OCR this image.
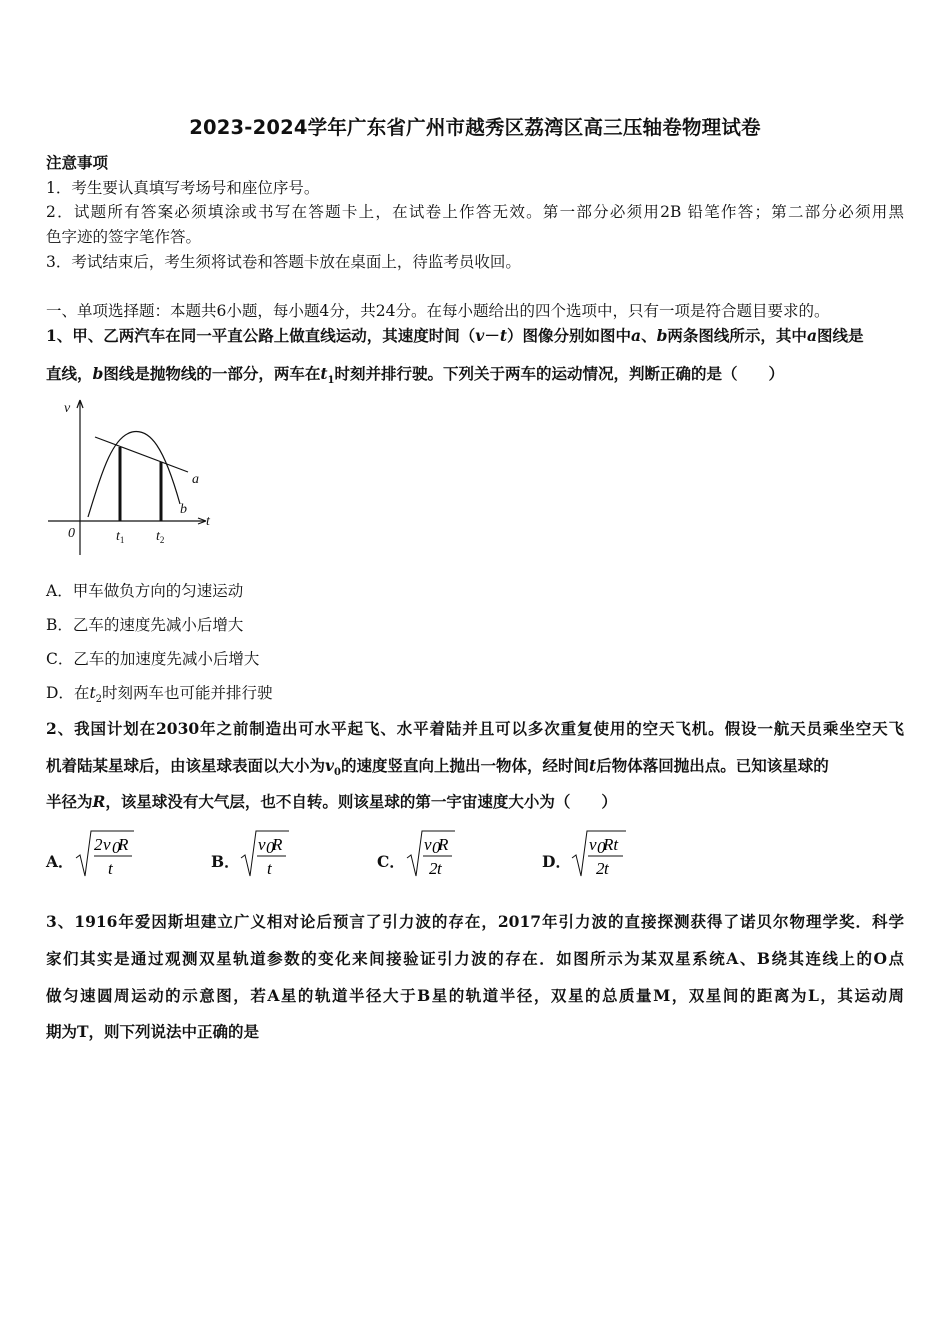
2023-2024学年广东省广州市越秀区荔湾区高三压轴卷物理试卷
注意事项
1．考生要认真填写考场号和座位序号。
2．试题所有答案必须填涂或书写在答题卡上，在试卷上作答无效。第一部分必须用2B 铅笔作答；第二部分必须用黑
色字迹的签字笔作答。
3．考试结束后，考生须将试卷和答题卡放在桌面上，待监考员收回。
一、单项选择题：本题共6小题，每小题4分，共24分。在每小题给出的四个选项中，只有一项是符合题目要求的。
1、甲、乙两汽车在同一平直公路上做直线运动，其速度时间（v－t）图像分别如图中a、b两条图线所示，其中a图线是
直线，b图线是抛物线的一部分，两车在$t_1$时刻并排行驶。下列关于两车的运动情况，判断正确的是（　　）
v
t
0
a
b
$t_1$ $t_2$
A．甲车做负方向的匀速运动
B．乙车的速度先减小后增大
C．乙车的加速度先减小后增大
D．在$t_2$时刻两车也可能并排行驶
2、我国计划在2030年之前制造出可水平起飞、水平着陆并且可以多次重复使用的空天飞机。假设一航天员乘坐空天飞
机着陆某星球后，由该星球表面以大小为$v_0$的速度竖直向上抛出一物体，经时间t后物体落回抛出点。已知该星球的
半径为R，该星球没有大气层，也不自转。则该星球的第一宇宙速度大小为（　　）
A．
2 v 0
R
t	B．
v 0
R
t	C．
v 0
R
2 t	D．
v 0
Rt
2 t
3、1916年爱因斯坦建立广义相对论后预言了引力波的存在，2017年引力波的直接探测获得了诺贝尔物理学奖．科学
家们其实是通过观测双星轨道参数的变化来间接验证引力波的存在．如图所示为某双星系统A、B绕其连线上的O点
做匀速圆周运动的示意图，若A星的轨道半径大于B星的轨道半径，双星的总质量M，双星间的距离为L，其运动周
期为T，则下列说法中正确的是
